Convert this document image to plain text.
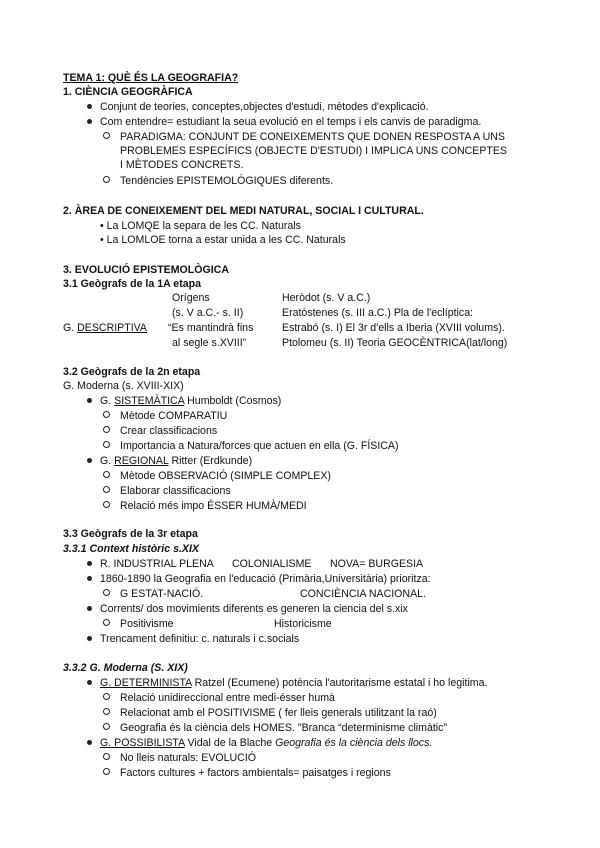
TEMA 1: QUÈ ÉS LA GEOGRAFIA?
1. CIÈNCIA GEOGRÀFICA
Conjunt de teories, conceptes,objectes d'estudi, mètodes d'explicació.
Com entendre= estudiant la seua evolució en el temps i els canvis de paradigma.
PARADIGMA: CONJUNT DE CONEIXEMENTS QUE DONEN RESPOSTA A UNS
PROBLEMES ESPECÍFICS (OBJECTE D'ESTUDI) I IMPLICA UNS CONCEPTES
I MÈTODES CONCRETS.
Tendències EPISTEMOLÒGIQUES diferents.
2. ÀREA DE CONEIXEMENT DEL MEDI NATURAL, SOCIAL I CULTURAL.
• La LOMQE la separa de les CC. Naturals
• La LOMLOE torna a estar unida a les CC. Naturals
3. EVOLUCIÓ EPISTEMOLÒGICA
3.1 Geògrafs de la 1A etapa
Orígens
(s. V a.C.- s. II)
G. DESCRIPTIVA “Es mantindrà fins
al segle s.XVIII”
Heròdot (s. V a.C.)
Eratòstenes (s. III a.C.) Pla de l'eclíptica:
Estrabó (s. I) El 3r d'ells a Iberia (XVIII volums).
Ptolomeu (s. II) Teoria GEOCÈNTRICA(lat/long)
3.2 Geògrafs de la 2n etapa
G. Moderna (s. XVIII-XIX)
G. SISTEMÀTICA Humboldt (Cosmos)
Mètode COMPARATIU
Crear classificacions
Importancia a Natura/forces que actuen en ella (G. FÍSICA)
G. REGIONAL Ritter (Erdkunde)
Mètode OBSERVACIÓ (SIMPLE COMPLEX)
Elaborar classificacions
Relació més impo ÉSSER HUMÀ/MEDI
3.3 Geògrafs de la 3r etapa
3.3.1 Context històric s.XIX
R. INDUSTRIAL PLENA COLONIALISME NOVA= BURGESIA
1860-1890 la Geografia en l'educació (Primària,Universitària) prioritza:
G ESTAT-NACIÓ.	CONCIÈNCIA NACIONAL.
Corrents/ dos movimients diferents es generen la ciencia del s.xix
Positivisme	Historicisme
Trencament definitiu: c. naturals i c.socials
3.3.2 G. Moderna (S. XIX)
G. DETERMINISTA Ratzel (Ecumene) potència l'autoritarisme estatal i ho legitima.
Relació unidireccional entre medi-ésser humà
Relacionat amb el POSITIVISME ( fer lleis generals utilitzant la raó)
Geografia és la ciència dels HOMES. "Branca “determinisme climàtic”
G. POSSIBILISTA Vidal de la Blache Geografia és la ciència dels llocs.
No lleis naturals: EVOLUCIÓ
Factors cultures + factors ambientals= paisatges i regions
